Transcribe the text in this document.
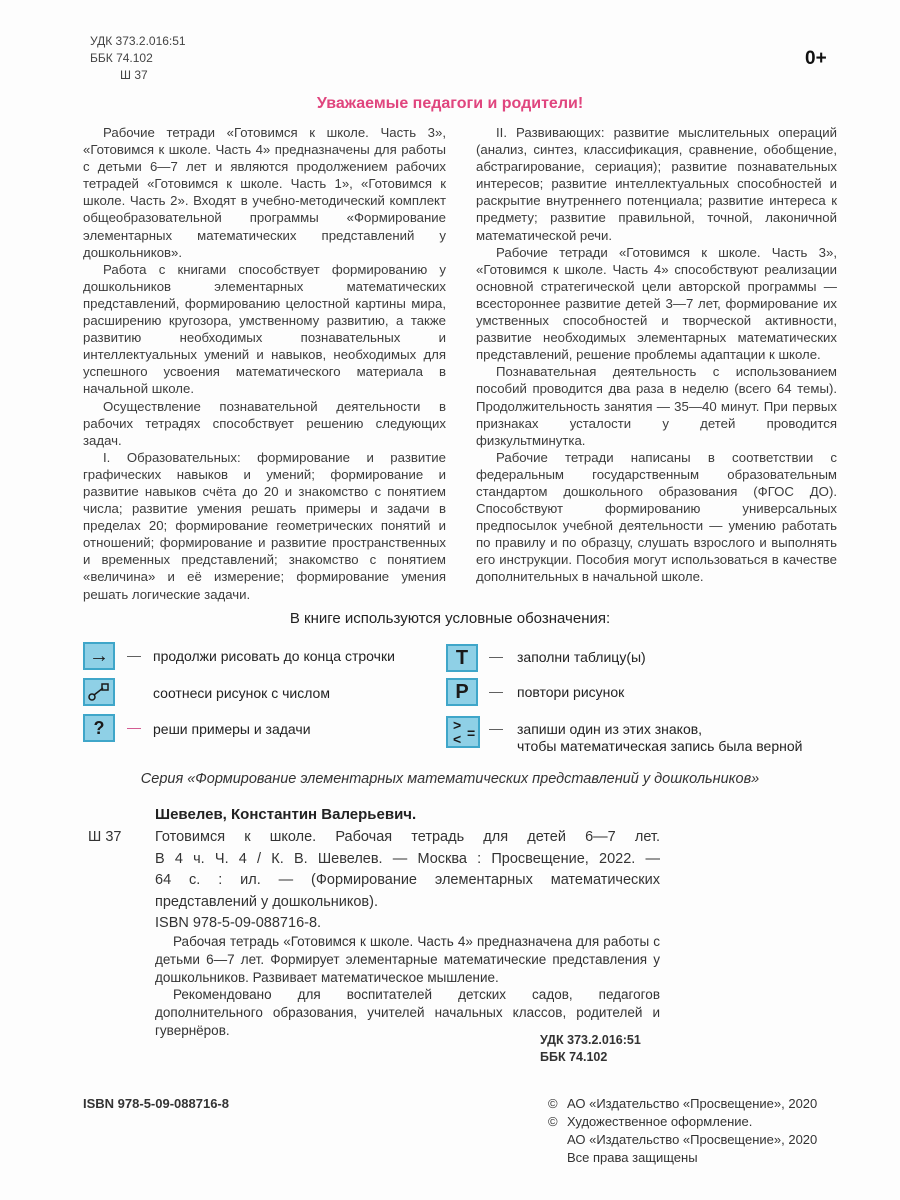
УДК 373.2.016:51
ББК 74.102
Ш 37
0+
Уважаемые педагоги и родители!

Рабочие тетради «Готовимся к школе. Часть 3», «Готовимся к школе. Часть 4» предназначены для работы с детьми 6—7 лет и являются продолжением рабочих тетрадей «Готовимся к школе. Часть 1», «Готовимся к школе. Часть 2». Входят в учебно-методический комплект общеобразовательной программы «Формирование элементарных математических представлений у дошкольников».

Работа с книгами способствует формированию у дошкольников элементарных математических представлений, формированию целостной картины мира, расширению кругозора, умственному развитию, а также развитию необходимых познавательных и интеллектуальных умений и навыков, необходимых для успешного усвоения математического материала в начальной школе.

Осуществление познавательной деятельности в рабочих тетрадях способствует решению следующих задач.

I. Образовательных: формирование и развитие графических навыков и умений; формирование и развитие навыков счёта до 20 и знакомство с понятием числа; развитие умения решать примеры и задачи в пределах 20; формирование геометрических понятий и отношений; формирование и развитие пространственных и временных представлений; знакомство с понятием «величина» и её измерение; формирование умения решать логические задачи.

II. Развивающих: развитие мыслительных операций (анализ, синтез, классификация, сравнение, обобщение, абстрагирование, сериация); развитие познавательных интересов; развитие интеллектуальных способностей и раскрытие внутреннего потенциала; развитие интереса к предмету; развитие правильной, точной, лаконичной математической речи.

Рабочие тетради «Готовимся к школе. Часть 3», «Готовимся к школе. Часть 4» способствуют реализации основной стратегической цели авторской программы — всестороннее развитие детей 3—7 лет, формирование их умственных способностей и творческой активности, развитие необходимых элементарных математических представлений, решение проблемы адаптации к школе.

Познавательная деятельность с использованием пособий проводится два раза в неделю (всего 64 темы). Продолжительность занятия — 35—40 минут. При первых признаках усталости у детей проводится физкультминутка.

Рабочие тетради написаны в соответствии с федеральным государственным образовательным стандартом дошкольного образования (ФГОС ДО). Способствуют формированию универсальных предпосылок учебной деятельности — умению работать по правилу и по образцу, слушать взрослого и выполнять его инструкции. Пособия могут использоваться в качестве дополнительных в начальной школе.

В книге используются условные обозначения:
→ — продолжи рисовать до конца строчки
соотнеси рисунок с числом
? — реши примеры и задачи
Т — заполни таблицу(ы)
Р — повтори рисунок
>
< = — запиши один из этих знаков,
чтобы математическая запись была верной
Серия «Формирование элементарных математических представлений у дошкольников»
Шевелев, Константин Валерьевич.
Ш 37 Готовимся к школе. Рабочая тетрадь для детей 6—7 лет.
В 4 ч. Ч. 4 / К. В. Шевелев. — Москва : Просвещение, 2022. —
64 с. : ил. — (Формирование элементарных математических
представлений у дошкольников).
ISBN 978-5-09-088716-8.

Рабочая тетрадь «Готовимся к школе. Часть 4» предназначена для работы с детьми 6—7 лет. Формирует элементарные математические представления у дошкольников. Развивает математическое мышление.

Рекомендовано для воспитателей детских садов, педагогов дополнительного образования, учителей начальных классов, родителей и гувернёров.

УДК 373.2.016:51
ББК 74.102
ISBN 978-5-09-088716-8	© АО «Издательство «Просвещение», 2020
© Художественное оформление.
АО «Издательство «Просвещение», 2020
Все права защищены
